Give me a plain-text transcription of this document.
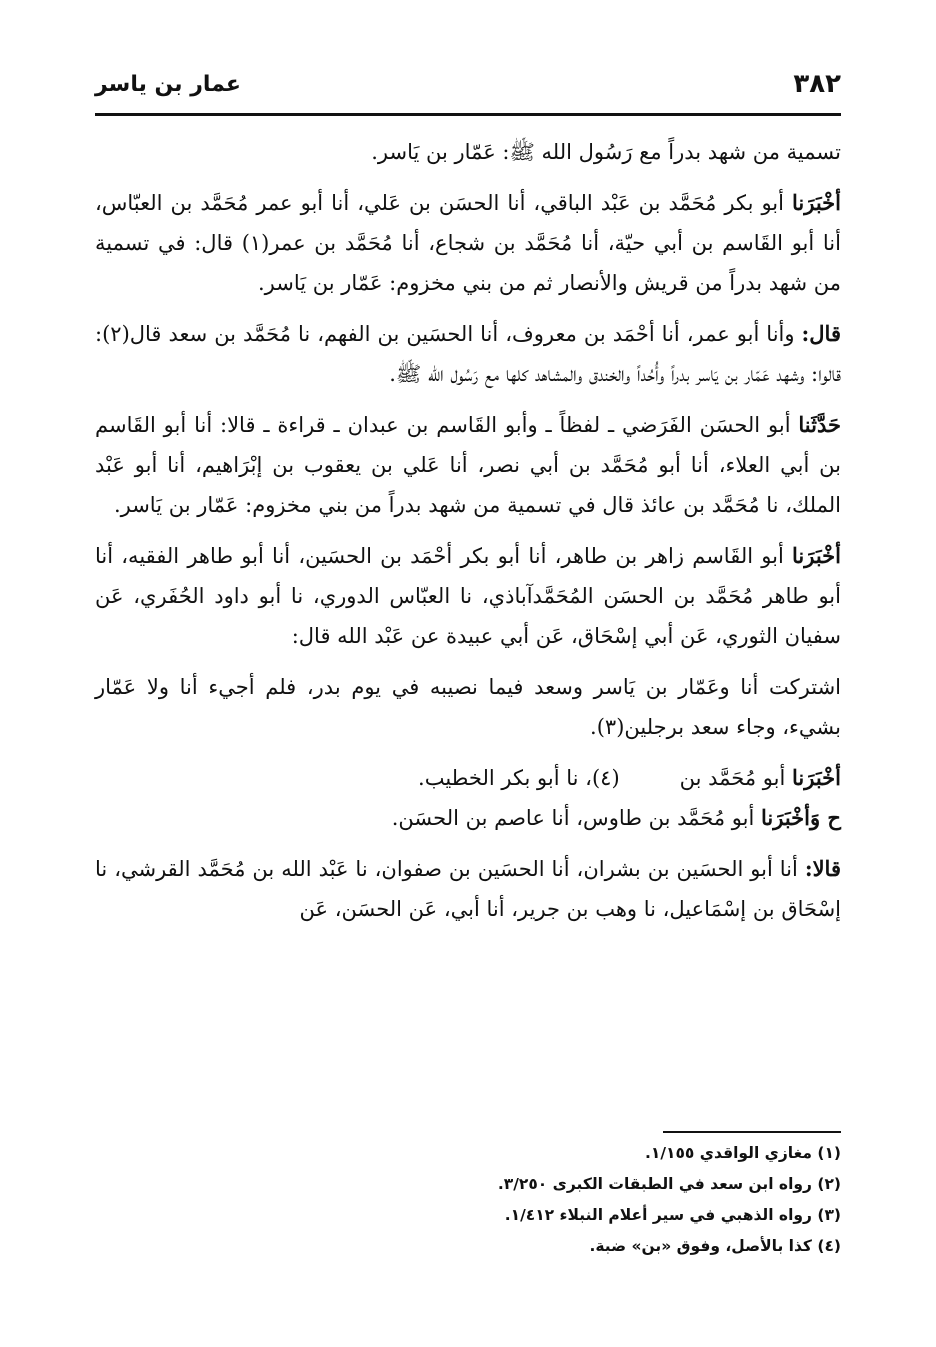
٣٨٢
عمار بن ياسر

تسمية من شهد بدراً مع رَسُول الله ﷺ: عَمّار بن يَاسر.

أخْبَرَنا أبو بكر مُحَمَّد بن عَبْد الباقي، أنا الحسَن بن عَلي، أنا أبو عمر مُحَمَّد بن العبّاس، أنا أبو القَاسم بن أبي حيّة، أنا مُحَمَّد بن شجاع، أنا مُحَمَّد بن عمر(١) قال: في تسمية من شهد بدراً من قريش والأنصار ثم من بني مخزوم: عَمّار بن يَاسر.

قال: وأنا أبو عمر، أنا أحْمَد بن معروف، أنا الحسَين بن الفهم، نا مُحَمَّد بن سعد قال(٢): قالوا: وشهد عَمّار بن يَاسر بدراً وأُحُداً والخندق والمشاهد كلها مع رَسُول الله ﷺ.

حَدَّثَنا أبو الحسَن الفَرَضي ـ لفظاً ـ وأبو القَاسم بن عبدان ـ قراءة ـ قالا: أنا أبو القَاسم بن أبي العلاء، أنا أبو مُحَمَّد بن أبي نصر، أنا عَلي بن يعقوب بن إبْرَاهيم، أنا أبو عَبْد الملك، نا مُحَمَّد بن عائذ قال في تسمية من شهد بدراً من بني مخزوم: عَمّار بن يَاسر.

أخْبَرَنا أبو القَاسم زاهر بن طاهر، أنا أبو بكر أحْمَد بن الحسَين، أنا أبو طاهر الفقيه، أنا أبو طاهر مُحَمَّد بن الحسَن المُحَمَّدآباذي، نا العبّاس الدوري، نا أبو داود الحُفَري، عَن سفيان الثوري، عَن أبي إسْحَاق، عَن أبي عبيدة عن عَبْد الله قال:

اشتركت أنا وعَمّار بن يَاسر وسعد فيما نصيبه في يوم بدر، فلم أجيء أنا ولا عَمّار بشيء، وجاء سعد برجلين(٣).

أخْبَرَنا أبو مُحَمَّد بن(٤)، نا أبو بكر الخطيب.

ح وَأخْبَرَنا أبو مُحَمَّد بن طاوس، أنا عاصم بن الحسَن.

قالا: أنا أبو الحسَين بن بشران، أنا الحسَين بن صفوان، نا عَبْد الله بن مُحَمَّد القرشي، نا إسْحَاق بن إسْمَاعيل، نا وهب بن جرير، أنا أبي، عَن الحسَن، عَن

(١) مغازي الواقدي ١/١٥٥.
(٢) رواه ابن سعد في الطبقات الكبرى ٣/٢٥٠.
(٣) رواه الذهبي في سير أعلام النبلاء ١/٤١٢.
(٤) كذا بالأصل، وفوق «بن» ضبة.
